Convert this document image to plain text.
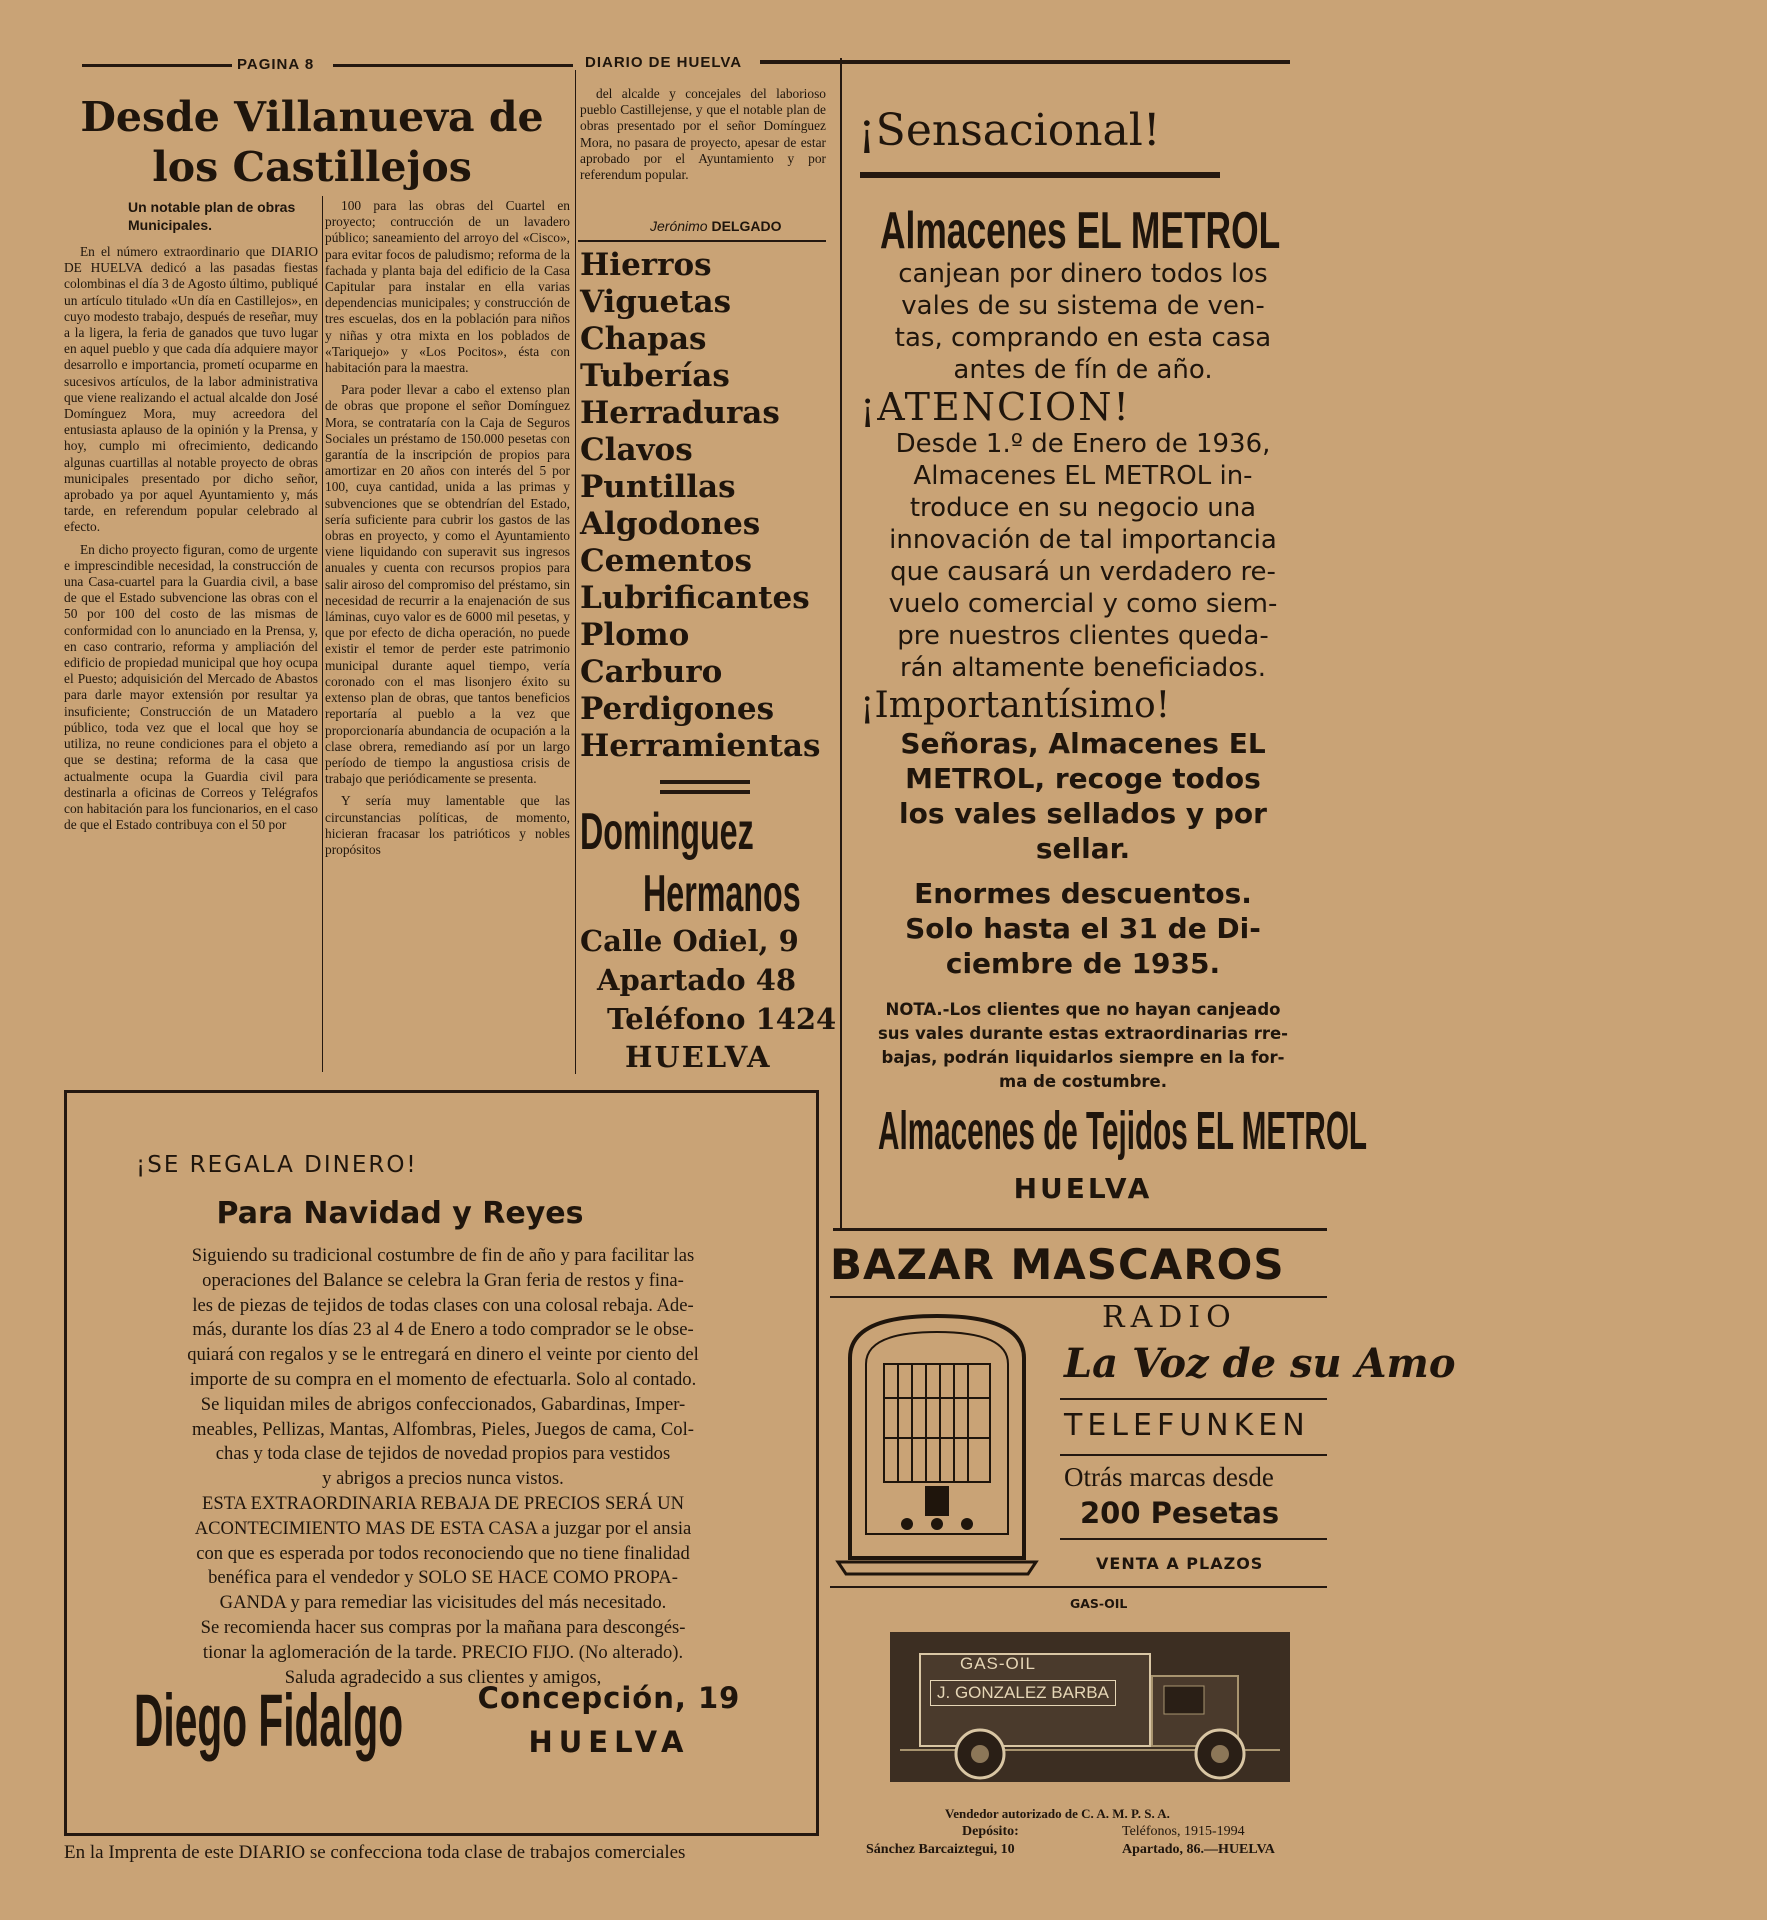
PAGINA 8	DIARIO DE HUELVA
Desde Villanueva de
los Castillejos
Un notable plan de obras Municipales.

En el número extraordinario que DIARIO DE HUELVA dedicó a las pasadas fiestas colombinas el día 3 de Agosto último, publiqué un artículo titulado «Un día en Castillejos», en cuyo modesto trabajo, después de reseñar, muy a la ligera, la feria de ganados que tuvo lugar en aquel pueblo y que cada día adquiere mayor desarrollo e importancia, prometí ocuparme en sucesivos artículos, de la labor administrativa que viene realizando el actual alcalde don José Domínguez Mora, muy acreedora del entusiasta aplauso de la opinión y la Prensa, y hoy, cumplo mi ofrecimiento, dedicando algunas cuartillas al notable proyecto de obras municipales presentado por dicho señor, aprobado ya por aquel Ayuntamiento y, más tarde, en referendum popular celebrado al efecto.

En dicho proyecto figuran, como de urgente e imprescindible necesidad, la construcción de una Casa-cuartel para la Guardia civil, a base de que el Estado subvencione las obras con el 50 por 100 del costo de las mismas de conformidad con lo anunciado en la Prensa, y, en caso contrario, reforma y ampliación del edificio de propiedad municipal que hoy ocupa el Puesto; adquisición del Mercado de Abastos para darle mayor extensión por resultar ya insuficiente; Construcción de un Matadero público, toda vez que el local que hoy se utiliza, no reune condiciones para el objeto a que se destina; reforma de la casa que actualmente ocupa la Guardia civil para destinarla a oficinas de Correos y Telégrafos con habitación para los funcionarios, en el caso de que el Estado contribuya con el 50 por

100 para las obras del Cuartel en proyecto; contrucción de un lavadero público; saneamiento del arroyo del «Cisco», para evitar focos de paludismo; reforma de la fachada y planta baja del edificio de la Casa Capitular para instalar en ella varias dependencias municipales; y construcción de tres escuelas, dos en la población para niños y niñas y otra mixta en los poblados de «Tariquejo» y «Los Pocitos», ésta con habitación para la maestra.

Para poder llevar a cabo el extenso plan de obras que propone el señor Domínguez Mora, se contrataría con la Caja de Seguros Sociales un préstamo de 150.000 pesetas con garantía de la inscripción de propios para amortizar en 20 años con interés del 5 por 100, cuya cantidad, unida a las primas y subvenciones que se obtendrían del Estado, sería suficiente para cubrir los gastos de las obras en proyecto, y como el Ayuntamiento viene liquidando con superavit sus ingresos anuales y cuenta con recursos propios para salir airoso del compromiso del préstamo, sin necesidad de recurrir a la enajenación de sus láminas, cuyo valor es de 6000 mil pesetas, y que por efecto de dicha operación, no puede existir el temor de perder este patrimonio municipal durante aquel tiempo, vería coronado con el mas lisonjero éxito su extenso plan de obras, que tantos beneficios reportaría al pueblo a la vez que proporcionaría abundancia de ocupación a la clase obrera, remediando así por un largo período de tiempo la angustiosa crisis de trabajo que periódicamente se presenta.

Y sería muy lamentable que las circunstancias políticas, de momento, hicieran fracasar los patrióticos y nobles propósitos

del alcalde y concejales del laborioso pueblo Castillejense, y que el notable plan de obras presentado por el señor Domínguez Mora, no pasara de proyecto, apesar de estar aprobado por el Ayuntamiento y por referendum popular.

Jerónimo DELGADO
Hierros
Viguetas
Chapas
Tuberías
Herraduras
Clavos
Puntillas
Algodones
Cementos
Lubrificantes
Plomo
Carburo
Perdigones
Herramientas
Dominguez
Hermanos
Calle Odiel, 9
Apartado 48
Teléfono 1424
HUELVA
¡Sensacional!
Almacenes EL METROL
canjean por dinero todos los
vales de su sistema de ven-
tas, comprando en esta casa
antes de fín de año.
¡ATENCION!
Desde 1.º de Enero de 1936,
Almacenes EL METROL in-
troduce en su negocio una
innovación de tal importancia
que causará un verdadero re-
vuelo comercial y como siem-
pre nuestros clientes queda-
rán altamente beneficiados.
¡Importantísimo!
Señoras, Almacenes EL
METROL, recoge todos
los vales sellados y por
sellar.
Enormes descuentos.
Solo hasta el 31 de Di-
ciembre de 1935.
NOTA.-Los clientes que no hayan canjeado
sus vales durante estas extraordinarias rre-
bajas, podrán liquidarlos siempre en la for-
ma de costumbre.
Almacenes de Tejidos EL METROL
HUELVA
¡SE REGALA DINERO!
Para Navidad y Reyes
Siguiendo su tradicional costumbre de fin de año y para facilitar las
operaciones del Balance se celebra la Gran feria de restos y fina-
les de piezas de tejidos de todas clases con una colosal rebaja. Ade-
más, durante los días 23 al 4 de Enero a todo comprador se le obse-
quiará con regalos y se le entregará en dinero el veinte por ciento del
importe de su compra en el momento de efectuarla. Solo al contado.
Se liquidan miles de abrigos confeccionados, Gabardinas, Imper-
meables, Pellizas, Mantas, Alfombras, Pieles, Juegos de cama, Col-
chas y toda clase de tejidos de novedad propios para vestidos
y abrigos a precios nunca vistos.
ESTA EXTRAORDINARIA REBAJA DE PRECIOS SERÁ UN
ACONTECIMIENTO MAS DE ESTA CASA a juzgar por el ansia
con que es esperada por todos reconociendo que no tiene finalidad
benéfica para el vendedor y SOLO SE HACE COMO PROPA-
GANDA y para remediar las vicisitudes del más necesitado.
Se recomienda hacer sus compras por la mañana para descongés-
tionar la aglomeración de la tarde. PRECIO FIJO. (No alterado).
Saluda agradecido a sus clientes y amigos,
Diego Fidalgo	Concepción, 19
HUELVA
BAZAR MASCAROS
RADIO
La Voz de su Amo
TELEFUNKEN
Otrás marcas desde
200 Pesetas
VENTA A PLAZOS
GAS-OIL
GAS-OIL
J. GONZALEZ BARBA
Vendedor autorizado de C. A. M. P. S. A.
Depósito:
Sánchez Barcaiztegui, 10
Teléfonos, 1915-1994
Apartado, 86.—HUELVA
En la Imprenta de este DIARIO se confecciona toda clase de trabajos comerciales
